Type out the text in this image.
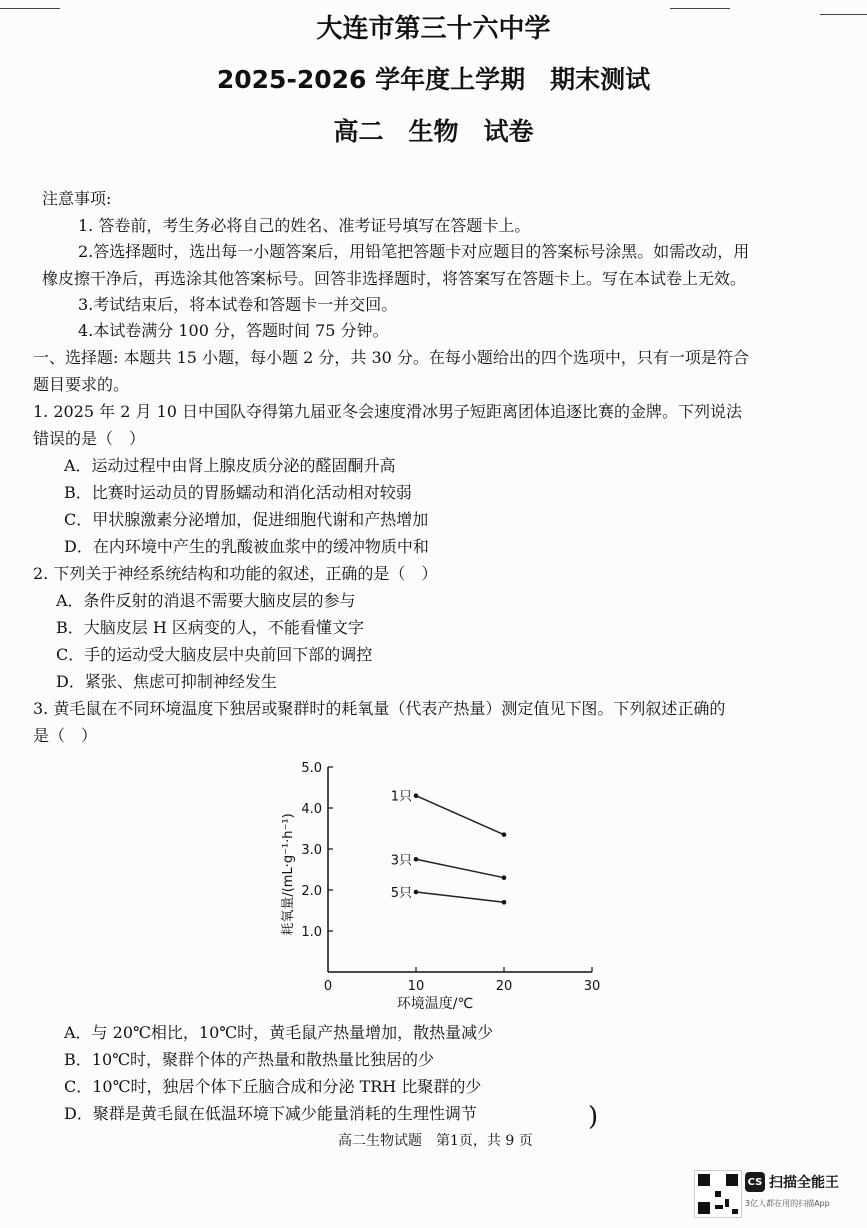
大连市第三十六中学
2025-2026 学年度上学期　期末测试
高二　生物　试卷
注意事项:
1. 答卷前，考生务必将自己的姓名、准考证号填写在答题卡上。
2.答选择题时，选出每一小题答案后，用铅笔把答题卡对应题目的答案标号涂黑。如需改动，用
橡皮擦干净后，再选涂其他答案标号。回答非选择题时，将答案写在答题卡上。写在本试卷上无效。
3.考试结束后，将本试卷和答题卡一并交回。
4.本试卷满分 100 分，答题时间 75 分钟。
一、选择题: 本题共 15 小题，每小题 2 分，共 30 分。在每小题给出的四个选项中，只有一项是符合
题目要求的。
1. 2025 年 2 月 10 日中国队夺得第九届亚冬会速度滑冰男子短距离团体追逐比赛的金牌。下列说法
错误的是（　）
A．运动过程中由肾上腺皮质分泌的醛固酮升高
B．比赛时运动员的胃肠蠕动和消化活动相对较弱
C．甲状腺激素分泌增加，促进细胞代谢和产热增加
D．在内环境中产生的乳酸被血浆中的缓冲物质中和
2. 下列关于神经系统结构和功能的叙述，正确的是（　）
A．条件反射的消退不需要大脑皮层的参与
B．大脑皮层 H 区病变的人，不能看懂文字
C．手的运动受大脑皮层中央前回下部的调控
D．紧张、焦虑可抑制神经发生
3. 黄毛鼠在不同环境温度下独居或聚群时的耗氧量（代表产热量）测定值见下图。下列叙述正确的
是（　）
0	10	20	30
1.0
2.0
3.0
4.0
5.0
1只
3只
5只
环境温度/℃
耗氧量/(mL·g⁻¹·h⁻¹)
A．与 20℃相比，10℃时，黄毛鼠产热量增加，散热量减少
B．10℃时，聚群个体的产热量和散热量比独居的少
C．10℃时，独居个体下丘脑合成和分泌 TRH 比聚群的少
D．聚群是黄毛鼠在低温环境下减少能量消耗的生理性调节	)
高二生物试题　第1页，共 9 页
CS 扫描全能王
3亿人都在用的扫描App
